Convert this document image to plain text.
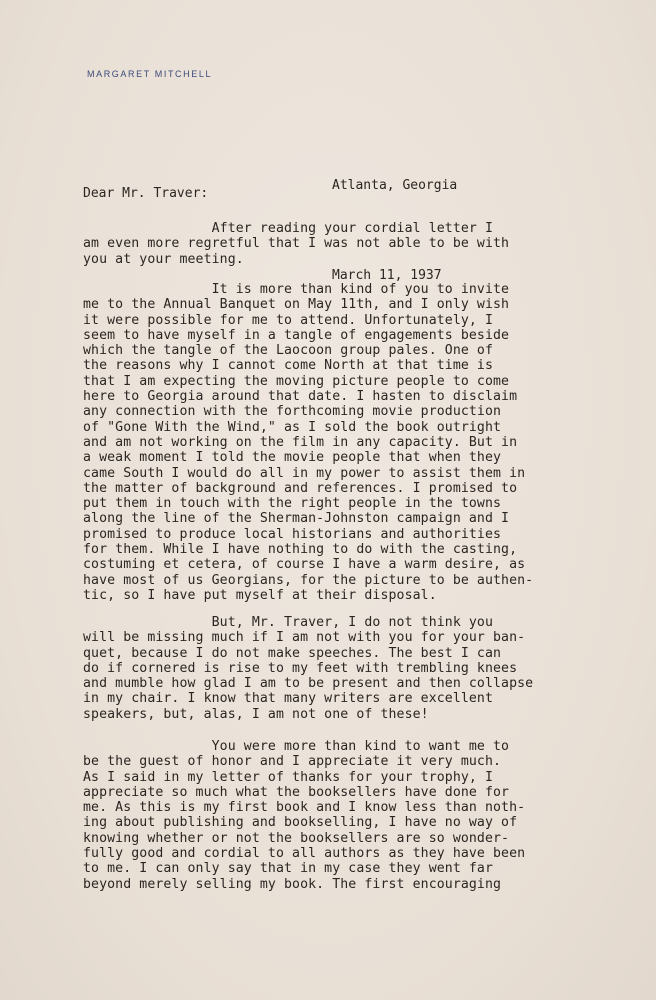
MARGARET MITCHELL

Atlanta, Georgia

March 11, 1937

Dear Mr. Traver:
After reading your cordial letter I
am even more regretful that I was not able to be with
you at your meeting.
It is more than kind of you to invite
me to the Annual Banquet on May 11th, and I only wish
it were possible for me to attend. Unfortunately, I
seem to have myself in a tangle of engagements beside
which the tangle of the Laocoon group pales. One of
the reasons why I cannot come North at that time is
that I am expecting the moving picture people to come
here to Georgia around that date. I hasten to disclaim
any connection with the forthcoming movie production
of "Gone With the Wind," as I sold the book outright
and am not working on the film in any capacity. But in
a weak moment I told the movie people that when they
came South I would do all in my power to assist them in
the matter of background and references. I promised to
put them in touch with the right people in the towns
along the line of the Sherman-Johnston campaign and I
promised to produce local historians and authorities
for them. While I have nothing to do with the casting,
costuming et cetera, of course I have a warm desire, as
have most of us Georgians, for the picture to be authen-
tic, so I have put myself at their disposal.
But, Mr. Traver, I do not think you
will be missing much if I am not with you for your ban-
quet, because I do not make speeches. The best I can
do if cornered is rise to my feet with trembling knees
and mumble how glad I am to be present and then collapse
in my chair. I know that many writers are excellent
speakers, but, alas, I am not one of these!
You were more than kind to want me to
be the guest of honor and I appreciate it very much.
As I said in my letter of thanks for your trophy, I
appreciate so much what the booksellers have done for
me. As this is my first book and I know less than noth-
ing about publishing and bookselling, I have no way of
knowing whether or not the booksellers are so wonder-
fully good and cordial to all authors as they have been
to me. I can only say that in my case they went far
beyond merely selling my book. The first encouraging
